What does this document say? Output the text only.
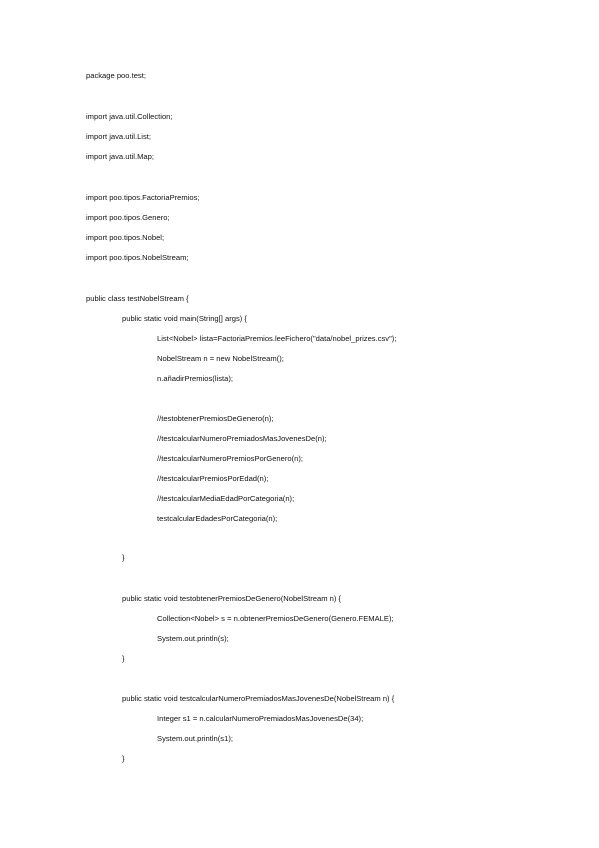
package poo.test;
import java.util.Collection;
import java.util.List;
import java.util.Map;
import poo.tipos.FactoriaPremios;
import poo.tipos.Genero;
import poo.tipos.Nobel;
import poo.tipos.NobelStream;
public class testNobelStream {
public static void main(String[] args) {
List<Nobel> lista=FactoriaPremios.leeFichero("data/nobel_prizes.csv");
NobelStream n = new NobelStream();
n.añadirPremios(lista);
//testobtenerPremiosDeGenero(n);
//testcalcularNumeroPremiadosMasJovenesDe(n);
//testcalcularNumeroPremiosPorGenero(n);
//testcalcularPremiosPorEdad(n);
//testcalcularMediaEdadPorCategoria(n);
testcalcularEdadesPorCategoria(n);
}
public static void testobtenerPremiosDeGenero(NobelStream n) {
Collection<Nobel> s = n.obtenerPremiosDeGenero(Genero.FEMALE);
System.out.println(s);
}
public static void testcalcularNumeroPremiadosMasJovenesDe(NobelStream n) {
Integer s1 = n.calcularNumeroPremiadosMasJovenesDe(34);
System.out.println(s1);
}
